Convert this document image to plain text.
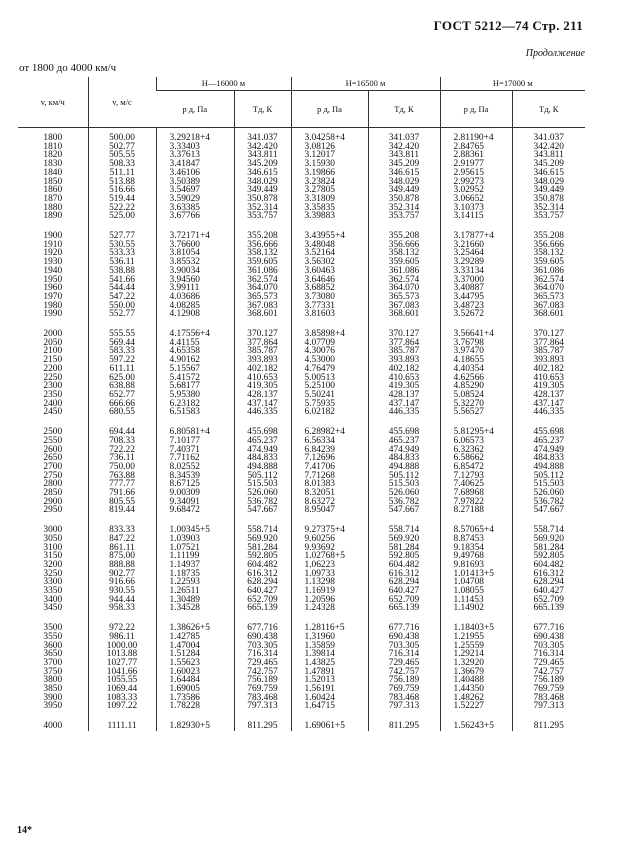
ГОСТ 5212—74 Стр. 211
Продолжение
от 1800 до 4000 км/ч
v, км/ч	v, м/с	H—16000 м		H=16500 м		H=17000 м	
		p д, Па	Tд, К	p д, Па	Tд, К	p д, Па	Tд, К
1800	500.00	3.29218+4	341.037	3.04258+4	341.037	2.81190+4	341.037
1810	502.77	3.33403	342.420	3.08126	342.420	2.84765	342.420
1820	505.55	3.37613	343.811	3.12017	343.811	2.88361	343.811
1830	508.33	3.41847	345.209	3.15930	345.209	2.91977	345.209
1840	511.11	3.46106	346.615	3.19866	346.615	2.95615	346.615
1850	513.88	3.50389	348.029	3.23824	348.029	2.99273	348.029
1860	516.66	3.54697	349.449	3.27805	349.449	3.02952	349.449
1870	519.44	3.59029	350.878	3.31809	350.878	3.06652	350.878
1880	522.22	3.63385	352.314	3.35835	352.314	3.10373	352.314
1890	525.00	3.67766	353.757	3.39883	353.757	3.14115	353.757
1900	527.77	3.72171+4	355.208	3.43955+4	355.208	3.17877+4	355.208
1910	530.55	3.76600	356.666	3.48048	356.666	3.21660	356.666
1920	533.33	3.81054	358.132	3.52164	358.132	3.25464	358.132
1930	536.11	3.85532	359.605	3.56302	359.605	3.29289	359.605
1940	538.88	3.90034	361.086	3.60463	361.086	3.33134	361.086
1950	541.66	3.94560	362.574	3.64646	362.574	3.37000	362.574
1960	544.44	3.99111	364.070	3.68852	364.070	3.40887	364.070
1970	547.22	4.03686	365.573	3.73080	365.573	3.44795	365.573
1980	550.00	4.08285	367.083	3.77331	367.083	3.48723	367.083
1990	552.77	4.12908	368.601	3.81603	368.601	3.52672	368.601
2000	555.55	4.17556+4	370.127	3.85898+4	370.127	3.56641+4	370.127
2050	569.44	4.41155	377.864	4.07709	377.864	3.76798	377.864
2100	583.33	4.65358	385.787	4.30076	385.787	3.97470	385.787
2150	597.22	4.90162	393.893	4.53000	393.893	4.18655	393.893
2200	611.11	5.15567	402.182	4.76479	402.182	4.40354	402.182
2250	625.00	5.41572	410.653	5.00513	410.653	4.62566	410.653
2300	638.88	5.68177	419.305	5.25100	419.305	4.85290	419.305
2350	652.77	5.95380	428.137	5.50241	428.137	5.08524	428.137
2400	666.66	6.23182	437.147	5.75935	437.147	5.32270	437.147
2450	680.55	6.51583	446.335	6.02182	446.335	5.56527	446.335
2500	694.44	6.80581+4	455.698	6.28982+4	455.698	5.81295+4	455.698
2550	708.33	7.10177	465.237	6.56334	465.237	6.06573	465.237
2600	722.22	7.40371	474.949	6.84239	474.949	6.32362	474.949
2650	736.11	7.71162	484.833	7.12696	484.833	6.58662	484.833
2700	750.00	8.02552	494.888	7.41706	494.888	6.85472	494.888
2750	763.88	8.34539	505.112	7.71268	505.112	7.12793	505.112
2800	777.77	8.67125	515.503	8.01383	515.503	7.40625	515.503
2850	791.66	9.00309	526.060	8.32051	526.060	7.68968	526.060
2900	805.55	9.34091	536.782	8.63272	536.782	7.97822	536.782
2950	819.44	9.68472	547.667	8.95047	547.667	8.27188	547.667
3000	833.33	1.00345+5	558.714	9.27375+4	558.714	8.57065+4	558.714
3050	847.22	1.03903	569.920	9.60256	569.920	8.87453	569.920
3100	861.11	1.07521	581.284	9.93692	581.284	9.18354	581.284
3150	875.00	1.11199	592.805	1.02768+5	592.805	9.49768	592.805
3200	888.88	1.14937	604.482	1.06223	604.482	9.81693	604.482
3250	902.77	1.18735	616.312	1.09733	616.312	1.01413+5	616.312
3300	916.66	1.22593	628.294	1.13298	628.294	1.04708	628.294
3350	930.55	1.26511	640.427	1.16919	640.427	1.08055	640.427
3400	944.44	1.30489	652.709	1.20596	652.709	1.11453	652.709
3450	958.33	1.34528	665.139	1.24328	665.139	1.14902	665.139
3500	972.22	1.38626+5	677.716	1.28116+5	677.716	1.18403+5	677.716
3550	986.11	1.42785	690.438	1.31960	690.438	1.21955	690.438
3600	1000.00	1.47004	703.305	1.35859	703.305	1.25559	703.305
3650	1013.88	1.51284	716.314	1.39814	716.314	1.29214	716.314
3700	1027.77	1.55623	729.465	1.43825	729.465	1.32920	729.465
3750	1041.66	1.60023	742.757	1.47891	742.757	1.36679	742.757
3800	1055.55	1.64484	756.189	1.52013	756.189	1.40488	756.189
3850	1069.44	1.69005	769.759	1.56191	769.759	1.44350	769.759
3900	1083.33	1.73586	783.468	1.60424	783.468	1.48262	783.468
3950	1097.22	1.78228	797.313	1.64715	797.313	1.52227	797.313
4000	1111.11	1.82930+5	811.295	1.69061+5	811.295	1.56243+5	811.295
14*
